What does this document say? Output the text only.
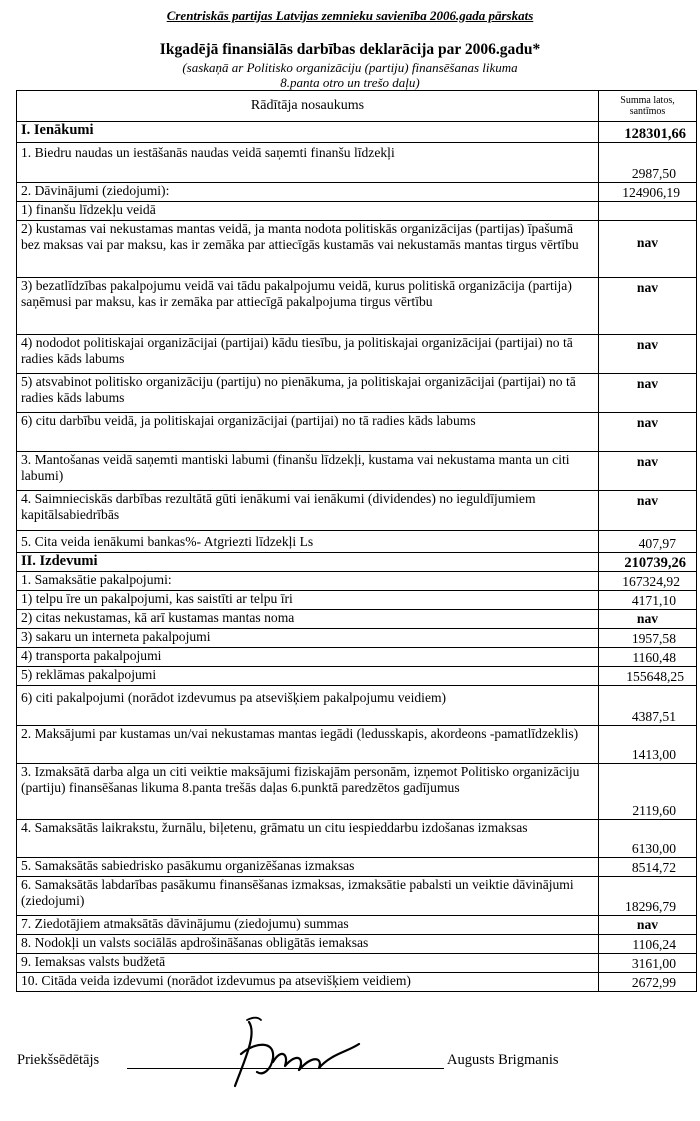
Crentriskās partijas Latvijas zemnieku savienība 2006.gada pārskats
Ikgadējā finansiālās darbības deklarācija par 2006.gadu*
(saskaņā ar Politisko organizāciju (partiju) finansēšanas likuma
8.panta otro un trešo daļu)
Rādītāja nosaukums	Summa latos,
santīmos

I. Ienākumi	128301,66
1. Biedru naudas un iestāšanās naudas veidā saņemti finanšu līdzekļi	2987,50
2. Dāvinājumi (ziedojumi):	124906,19
1) finanšu līdzekļu veidā	
2) kustamas vai nekustamas mantas veidā, ja manta nodota politiskās organizācijas (partijas) īpašumā bez maksas vai par maksu, kas ir zemāka par attiecīgās kustamās vai nekustamās mantas tirgus vērtību	nav
3) bezatlīdzības pakalpojumu veidā vai tādu pakalpojumu veidā, kurus politiskā organizācija (partija) saņēmusi par maksu, kas ir zemāka par attiecīgā pakalpojuma tirgus vērtību	nav
4) nododot politiskajai organizācijai (partijai) kādu tiesību, ja politiskajai organizācijai (partijai) no tā radies kāds labums	nav
5) atsvabinot politisko organizāciju (partiju) no pienākuma, ja politiskajai organizācijai (partijai) no tā radies kāds labums	nav
6) citu darbību veidā, ja politiskajai organizācijai (partijai) no tā radies kāds labums	nav
3. Mantošanas veidā saņemti mantiski labumi (finanšu līdzekļi, kustama vai nekustama manta un citi labumi)	nav
4. Saimnieciskās darbības rezultātā gūti ienākumi vai ienākumi (dividendes) no ieguldījumiem kapitālsabiedrībās	nav
5. Cita veida ienākumi bankas%- Atgriezti līdzekļi Ls	407,97
II. Izdevumi	210739,26
1. Samaksātie pakalpojumi:	167324,92
1) telpu īre un pakalpojumi, kas saistīti ar telpu īri	4171,10
2) citas nekustamas, kā arī kustamas mantas noma	nav
3) sakaru un interneta pakalpojumi	1957,58
4) transporta pakalpojumi	1160,48
5) reklāmas pakalpojumi	155648,25
6) citi pakalpojumi (norādot izdevumus pa atsevišķiem pakalpojumu veidiem)	4387,51
2. Maksājumi par kustamas un/vai nekustamas mantas iegādi (ledusskapis, akordeons -pamatlīdzeklis)	1413,00
3. Izmaksātā darba alga un citi veiktie maksājumi fiziskajām personām, izņemot Politisko organizāciju (partiju) finansēšanas likuma 8.panta trešās daļas 6.punktā paredzētos gadījumus	2119,60
4. Samaksātās laikrakstu, žurnālu, biļetenu, grāmatu un citu iespieddarbu izdošanas izmaksas	6130,00
5. Samaksātās sabiedrisko pasākumu organizēšanas izmaksas	8514,72
6. Samaksātās labdarības pasākumu finansēšanas izmaksas, izmaksātie pabalsti un veiktie dāvinājumi (ziedojumi)	18296,79
7. Ziedotājiem atmaksātās dāvinājumu (ziedojumu) summas	nav
8. Nodokļi un valsts sociālās apdrošināšanas obligātās iemaksas	1106,24
9. Iemaksas valsts budžetā	3161,00
10. Citāda veida izdevumi (norādot izdevumus pa atsevišķiem veidiem)	2672,99
Priekšsēdētājs	Augusts Brigmanis
